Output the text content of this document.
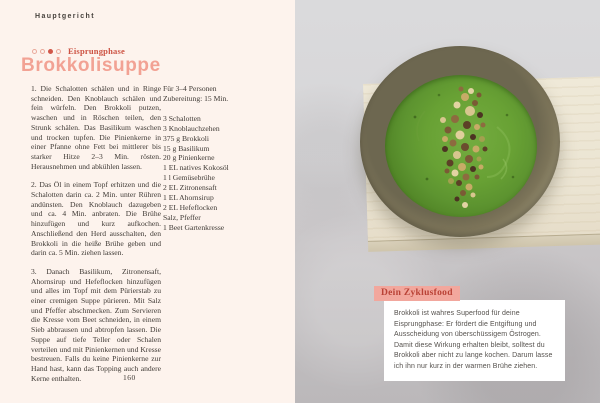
Hauptgericht
Eisprungphase
Brokkolisuppe

1. Die Schalotten schälen und in Ringe schneiden. Den Knoblauch schälen und fein würfeln. Den Brokkoli putzen, waschen und in Röschen teilen, den Strunk schälen. Das Basilikum waschen und trocken tupfen. Die Pinienkerne in einer Pfanne ohne Fett bei mittlerer bis starker Hitze 2–3 Min. rösten. Herausnehmen und abkühlen lassen.

2. Das Öl in einem Topf erhitzen und die Schalotten darin ca. 2 Min. unter Rühren andünsten. Den Knoblauch dazugeben und ca. 4 Min. anbraten. Die Brühe hinzufügen und kurz aufkochen. Anschließend den Herd ausschalten, den Brokkoli in die heiße Brühe geben und darin ca. 5 Min. ziehen lassen.

3. Danach Basilikum, Zitronensaft, Ahornsirup und Hefeflocken hinzufügen und alles im Topf mit dem Pürierstab zu einer cremigen Suppe pürieren. Mit Salz und Pfeffer abschmecken. Zum Servieren die Kresse vom Beet schneiden, in einem Sieb abbrausen und abtropfen lassen. Die Suppe auf tiefe Teller oder Schalen verteilen und mit Pinienkernen und Kresse bestreuen. Falls du keine Pinienkerne zur Hand hast, kann das Topping auch andere Kerne enthalten.

Für 3–4 Personen
Zubereitung: 15 Min.
3 Schalotten
3 Knoblauchzehen
375 g Brokkoli
15 g Basilikum
20 g Pinienkerne
1 EL natives Kokosöl
1 l Gemüsebrühe
2 EL Zitronensaft
1 EL Ahornsirup
2 EL Hefeflocken
Salz, Pfeffer
1 Beet Gartenkresse
160
Dein Zyklusfood
Brokkoli ist wahres Superfood für deine Eisprungphase: Er fördert die Entgiftung und Ausscheidung von überschüssigem Östrogen. Damit diese Wirkung erhalten bleibt, solltest du Brokkoli aber nicht zu lange kochen. Darum lasse ich ihn nur kurz in der warmen Brühe ziehen.
